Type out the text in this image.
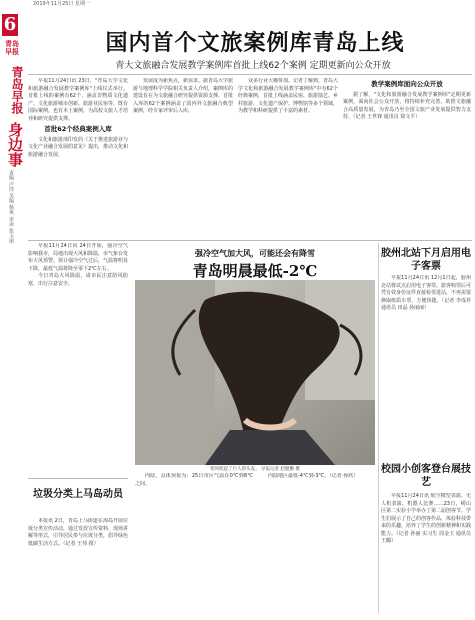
2019年11月25日 星期一
6
青岛早报
青岛早报
身边事
责编 卢滢 美编 杨爽 审读 张玉丽
国内首个文旅案例库青岛上线
青大文旅融合发展教学案例库首批上线62个案例 定期更新向公众开放

早报11月24日讯 23日，"青岛大学文化和旅游融合发展教学案例库"上线仪式举行。首批上线的案例有62个，涵盖非物质文化遗产、文化旅游城市创新、旅游业民宿等，既有国际案例，也有本土案例，为高校文旅人才培养和研究提供支撑。

首批62个经典案例入库

文化和旅游部印发的《关于推进旅游业与文化产业融合发展的意见》提出，推动文化和旅游融合发展。

发展成为新焦点，新需求。据青岛大学旅游与地理科学学院相关负责人介绍，案例库的建设旨在为文旅融合研究提供资源支撑，首批入库的62个案例涵盖了国内外文旅融合典型案例，经专家评审后入库。

众多行业大咖参加。记者了解到，青岛大学文化和旅游融合发展教学案例库"中有62个经典案例，首批上线涵盖民宿、旅游演艺、乡村旅游、文化遗产保护、博物馆等多个领域，为教学和科研提供了丰富的素材。

教学案例库面向公众开放

据了解，"文化和旅游融合发展教学案例库"定期更新案例，面向社会公众开放，将持续补充完善，助推文旅融合高质量发展，为青岛乃至全国文旅产业发展提供智力支持。（记者 王世锋 通讯员 徐文平）

早报11月24日讯 24日开始，强冷空气影响我市，局地出现大风和降温，市气象台发布大风预警。预计强冷空气过后，气温将明显下降，最低气温将降至零下2℃左右。

今日青岛大风降温，请市民注意防风防寒，出行注意安全。

强冷空气加大风，可能还会有降雪
青岛明晨最低-2℃
寒风吹起了行人的头发。 早报记者 赵健鹏 摄

内陆，具体预报为：25日市区气温在0℃到8℃之间。

内陆地区最低-4℃到-3℃。（记者 孙欣）

胶州北站下月启用电子客票

早报11月24日讯 12月1日起，胶州北站将试点启用电子客票。旅客购票后可凭有效身份证件直接检票进站，不再需要换取纸质车票，方便快捷。（记者 李成祥 通讯员 田晶 孙丽丽）

校园小创客登台展技艺

早报11月24日讯 航空模型表演、无人机表演、机器人比赛……23日，崂山区第二实验小学举办了第二届创客节。学生们展示了自己的创客作品，体验科技带来的乐趣，培养了学生的创新精神和实践能力。（记者 孙丽 实习生 周金玉 通讯员 王璐）

垃圾分类上马岛动员

本报讯 2日，青岛上马街道在海岛开展垃圾分类宣传活动，通过发放宣传资料、现场讲解等形式，引导居民参与垃圾分类，倡导绿色低碳生活方式。（记者 王伟 摄）
